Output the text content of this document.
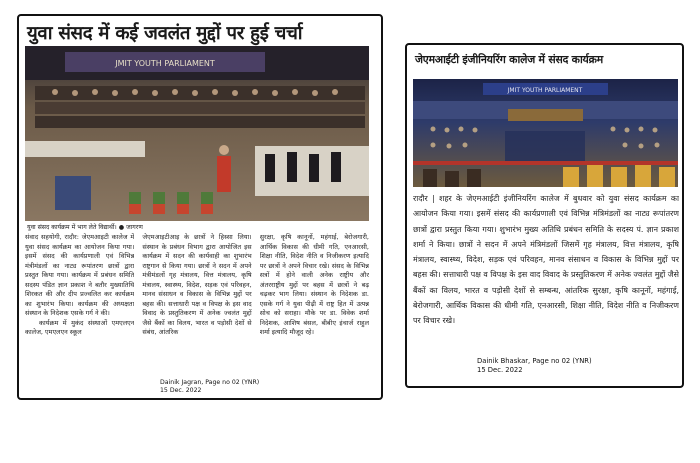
युवा संसद में कई जवलंत मुद्दों पर हुई चर्चा
JMIT YOUTH PARLIAMENT
युवा संसद कार्यक्रम में भाग लेते विद्यार्थी। ● जागरण

संवाद सहयोगी, रादौर: जेएमआइटी कालेज में युवा संसद कार्यक्रम का आयोजन किया गया। इसमें संसद की कार्यप्रणाली एवं विभिन्न मंत्रीमंडलों का नाट्य रूपांतरण छात्रों द्वारा प्रस्तुत किया गया। कार्यक्रम में प्रबंधन समिति सदस्य पंडित ज्ञान प्रकाश ने बतौर मुख्यातिथि शिरकत की और दीप प्रज्वलित कर कार्यक्रम का शुभारंभ किया। कार्यक्रम की अध्यक्षता संस्थान के निदेशक एसके गर्ग ने की।

कार्यक्रम में मुकंद संस्थाओं एमएलएन कालेज, एमएलएन स्कूल

जेएमआइटीआइ के छात्रों ने हिस्सा लिया। संस्थान के प्रबंधन विभाग द्वारा आयोजित इस कार्यक्रम में सदन की कार्यवाही का शुभारंभ राष्ट्रगान से किया गया। छात्रों ने सदन में अपने मंत्रीमंडलों गृह मंत्रालय, वित्त मंत्रालय, कृषि मंत्रालय, स्वास्थ्य, विदेश, सड़क एवं परिवहन, मानव संसाधन व विकास के विभिन्न मुद्दों पर बहस की। सत्ताधारी पक्ष व विपक्ष के इस वाद विवाद के प्रस्तुतिकरण में अनेक ज्वलंत मुद्दों जैसे बैंकों का विलय, भारत व पड़ोसी देशों से संबंध, आंतरिक

सुरक्षा, कृषि कानूनों, महंगाई, बेरोजगारी, आर्थिक विकास की धीमी गति, एनआरसी, शिक्षा नीति, विदेश नीति व निजीकरण इत्यादि पर छात्रों ने अपने विचार रखे। संसद के विभिन्न सत्रों में होने वाली अनेक राष्ट्रीय और अंतरराष्ट्रीय मुद्दों पर बहस में छात्रों ने बढ़ चढ़कर भाग लिया। संस्थान के निदेशक डा. एसके गर्ग ने युवा पीढ़ी में राष्ट्र हित में उत्पन्न सोच को सराहा। मौके पर डा. विवेक शर्मा निदेशक, आशिष बंसल, बीबीए इंचार्ज राहुल शर्मा इत्यादि मौजूद रहे।

Dainik Jagran, Page no 02 (YNR)
15 Dec. 2022
जेएमआईटी इंजीनियरिंग कालेज में संसद कार्यक्रम
JMIT YOUTH PARLIAMENT
रादौर | शहर के जेएमआईटी इंजीनियरिंग कालेज में बुधवार को युवा संसद कार्यक्रम का आयोजन किया गया। इसमें संसद की कार्यप्रणाली एवं विभिन्न मंत्रिमंडलों का नाट्य रूपांतरण छात्रों द्वारा प्रस्तुत किया गया। शुभारंभ मुख्य अतिथि प्रबंधन समिति के सदस्य पं. ज्ञान प्रकाश शर्मा ने किया। छात्रों ने सदन में अपने मंत्रिमंडलों जिसमें गृह मंत्रालय, वित्त मंत्रालय, कृषि मंत्रालय, स्वास्थ्य, विदेश, सड़क एवं परिवहन, मानव संसाधन व विकास के विभिन्न मुद्दों पर बहस की। सत्ताधारी पक्ष व विपक्ष के इस वाद विवाद के प्रस्तुतिकरण में अनेक ज्वलंत मुद्दों जैसे बैंकों का विलय, भारत व पड़ोसी देशों से सम्बन्ध, आंतरिक सुरक्षा, कृषि कानूनों, महंगाई, बेरोजगारी, आर्थिक विकास की धीमी गति, एनआरसी, शिक्षा नीति, विदेश नीति व निजीकरण पर विचार रखे।
Dainik Bhaskar, Page no 02 (YNR)
15 Dec. 2022
